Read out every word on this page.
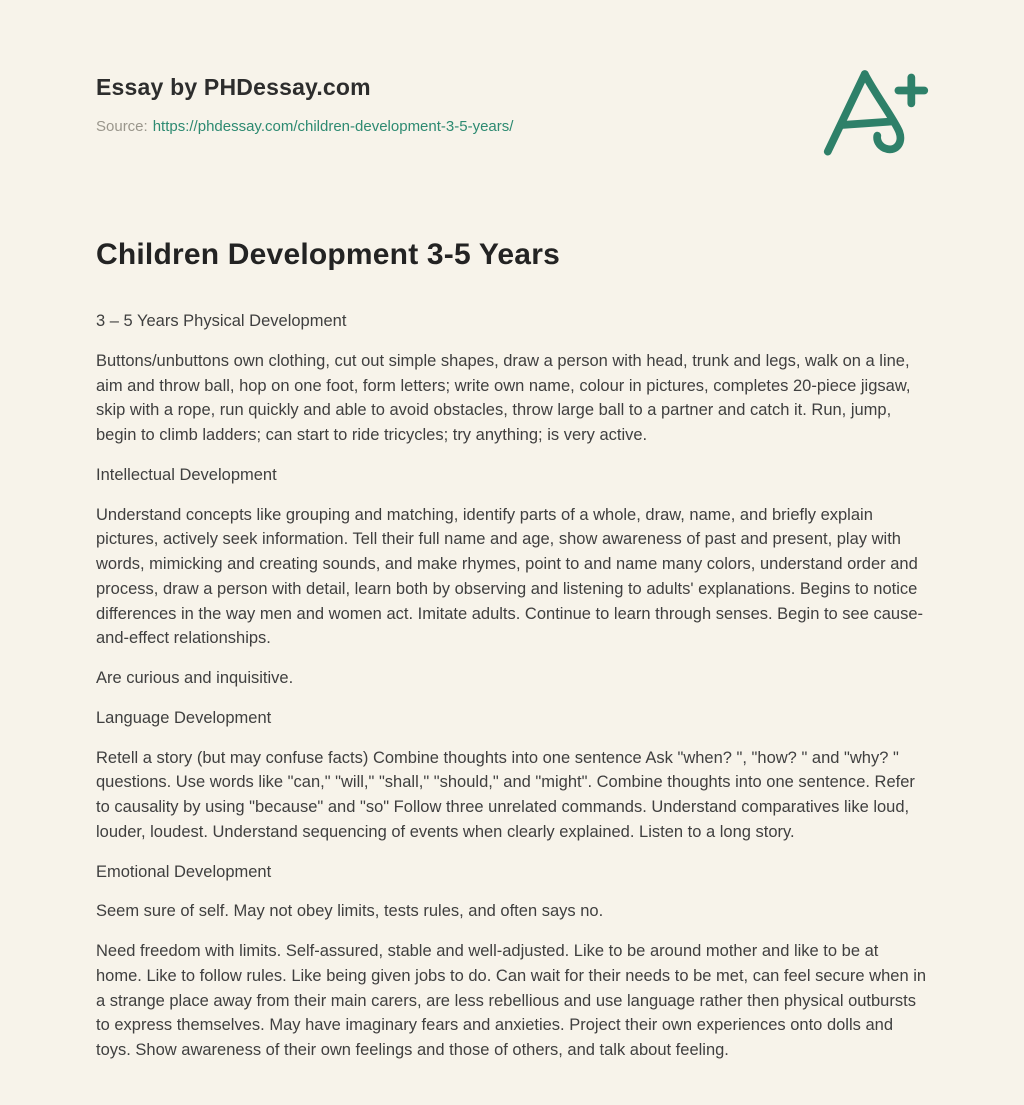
Essay by PHDessay.com

Source: https://phdessay.com/children-development-3-5-years/

Children Development 3-5 Years

3 – 5 Years Physical Development

Buttons/unbuttons own clothing, cut out simple shapes, draw a person with head, trunk and legs, walk on a line, aim and throw ball, hop on one foot, form letters; write own name, colour in pictures, completes 20-piece jigsaw, skip with a rope, run quickly and able to avoid obstacles, throw large ball to a partner and catch it. Run, jump, begin to climb ladders; can start to ride tricycles; try anything; is very active.

Intellectual Development

Understand concepts like grouping and matching, identify parts of a whole, draw, name, and briefly explain pictures, actively seek information. Tell their full name and age, show awareness of past and present, play with words, mimicking and creating sounds, and make rhymes, point to and name many colors, understand order and process, draw a person with detail, learn both by observing and listening to adults' explanations. Begins to notice differences in the way men and women act. Imitate adults. Continue to learn through senses. Begin to see cause-and-effect relationships.

Are curious and inquisitive.

Language Development

Retell a story (but may confuse facts) Combine thoughts into one sentence Ask "when? ", "how? " and "why? " questions. Use words like "can," "will," "shall," "should," and "might". Combine thoughts into one sentence. Refer to causality by using "because" and "so" Follow three unrelated commands. Understand comparatives like loud, louder, loudest. Understand sequencing of events when clearly explained. Listen to a long story.

Emotional Development

Seem sure of self. May not obey limits, tests rules, and often says no.

Need freedom with limits. Self-assured, stable and well-adjusted. Like to be around mother and like to be at home. Like to follow rules. Like being given jobs to do. Can wait for their needs to be met, can feel secure when in a strange place away from their main carers, are less rebellious and use language rather then physical outbursts to express themselves. May have imaginary fears and anxieties. Project their own experiences onto dolls and toys. Show awareness of their own feelings and those of others, and talk about feeling.
